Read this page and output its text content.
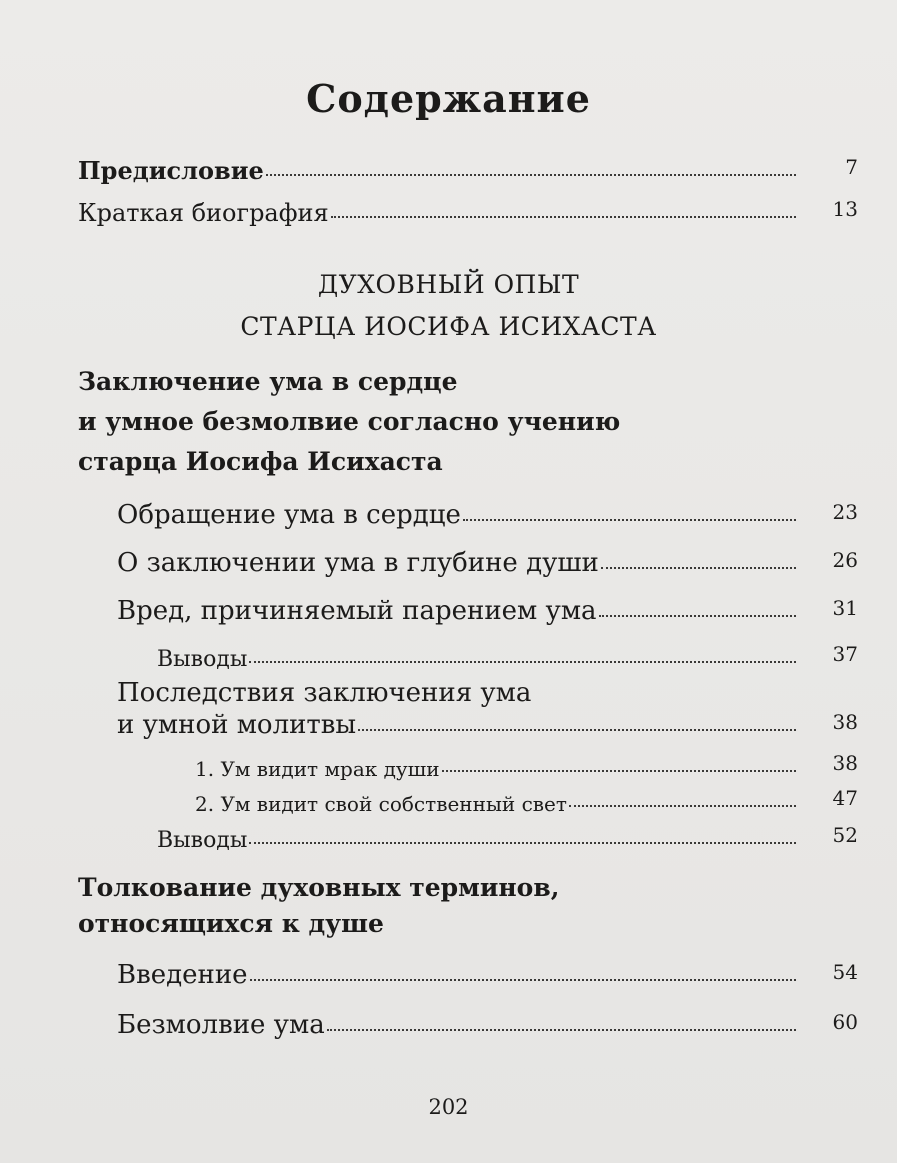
Содержание
Предисловие	7
Краткая биография	13
ДУХОВНЫЙ ОПЫТ
СТАРЦА ИОСИФА ИСИХАСТА
Заключение ума в сердце
и умное безмолвие согласно учению
старца Иосифа Исихаста
Обращение ума в сердце	23
О заключении ума в глубине души	26
Вред, причиняемый парением ума	31
Выводы	37
Последствия заключения ума
и умной молитвы	38
1. Ум видит мрак души	38
2. Ум видит свой собственный свет	47
Выводы	52
Толкование духовных терминов,
относящихся к душе
Введение	54
Безмолвие ума	60
202
